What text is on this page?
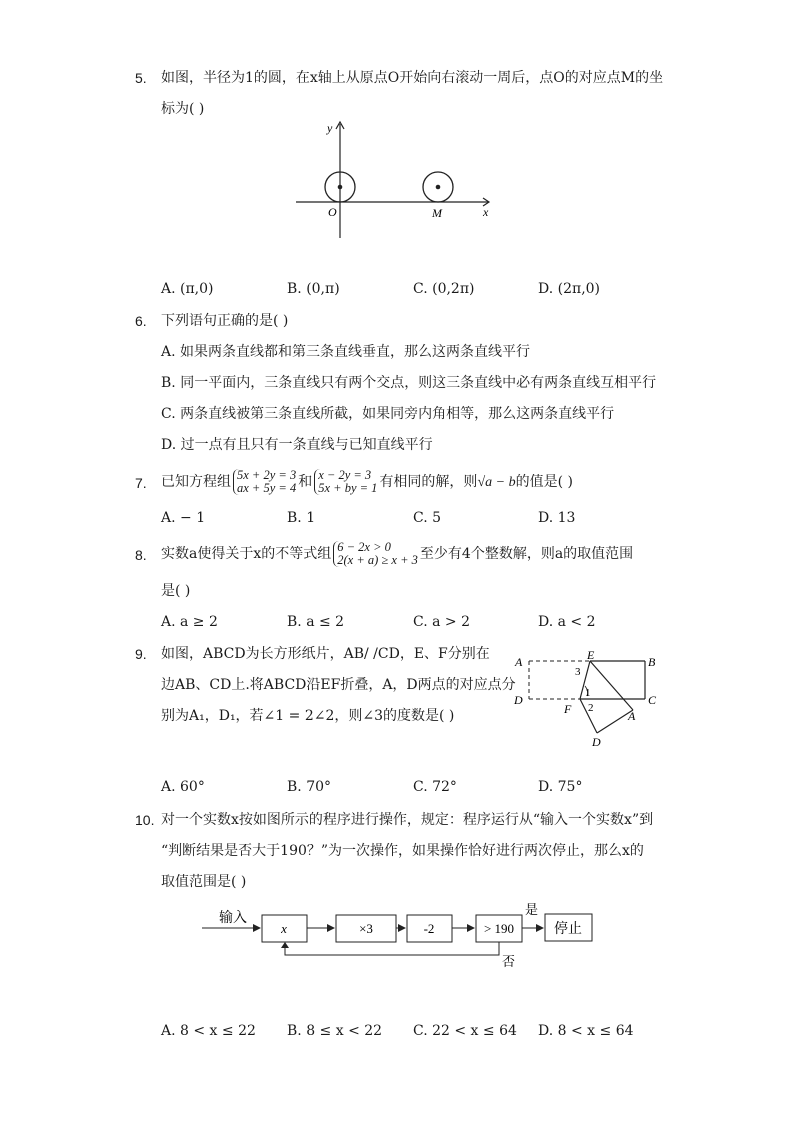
5. 如图，半径为1的圆，在x轴上从原点O开始向右滚动一周后，点O的对应点M的坐
标为( )
y
x
O	M
A. (π,0)	B. (0,π)	C. (0,2π)	D. (2π,0)
6. 下列语句正确的是( )
A. 如果两条直线都和第三条直线垂直，那么这两条直线平行
B. 同一平面内，三条直线只有两个交点，则这三条直线中必有两条直线互相平行
C. 两条直线被第三条直线所截，如果同旁内角相等，那么这两条直线平行
D. 过一点有且只有一条直线与已知直线平行
7. 已知方程组 5x + 2y = 3
ax + 5y = 4 和 x − 2y = 3
5x + by = 1 有相同的解，则√a − b的值是( )
A. − 1	B. 1	C. 5	D. 13
8. 实数a使得关于x的不等式组 6 − 2x > 0
2(x + a) ≥ x + 3 至少有4个整数解，则a的取值范围
是( )
A. a ≥ 2	B. a ≤ 2	C. a > 2	D. a < 2
9. 如图，ABCD为长方形纸片，AB/ /CD，E、F分别在
边AB、CD上.将ABCD沿EF折叠，A，D两点的对应点分
别为A₁，D₁，若∠1 = 2∠2，则∠3的度数是( )
A	E	B
D
F
C
A
D
1
2
3
A. 60°	B. 70°	C. 72°	D. 75°
10. 对一个实数x按如图所示的程序进行操作，规定：程序运行从“输入一个实数x”到
“判断结果是否大于190？”为一次操作，如果操作恰好进行两次停止，那么x的
取值范围是( )
输入
x	×3	-2	> 190	停止
是
否
A. 8 < x ≤ 22 B. 8 ≤ x < 22 C. 22 < x ≤ 64 D. 8 < x ≤ 64
